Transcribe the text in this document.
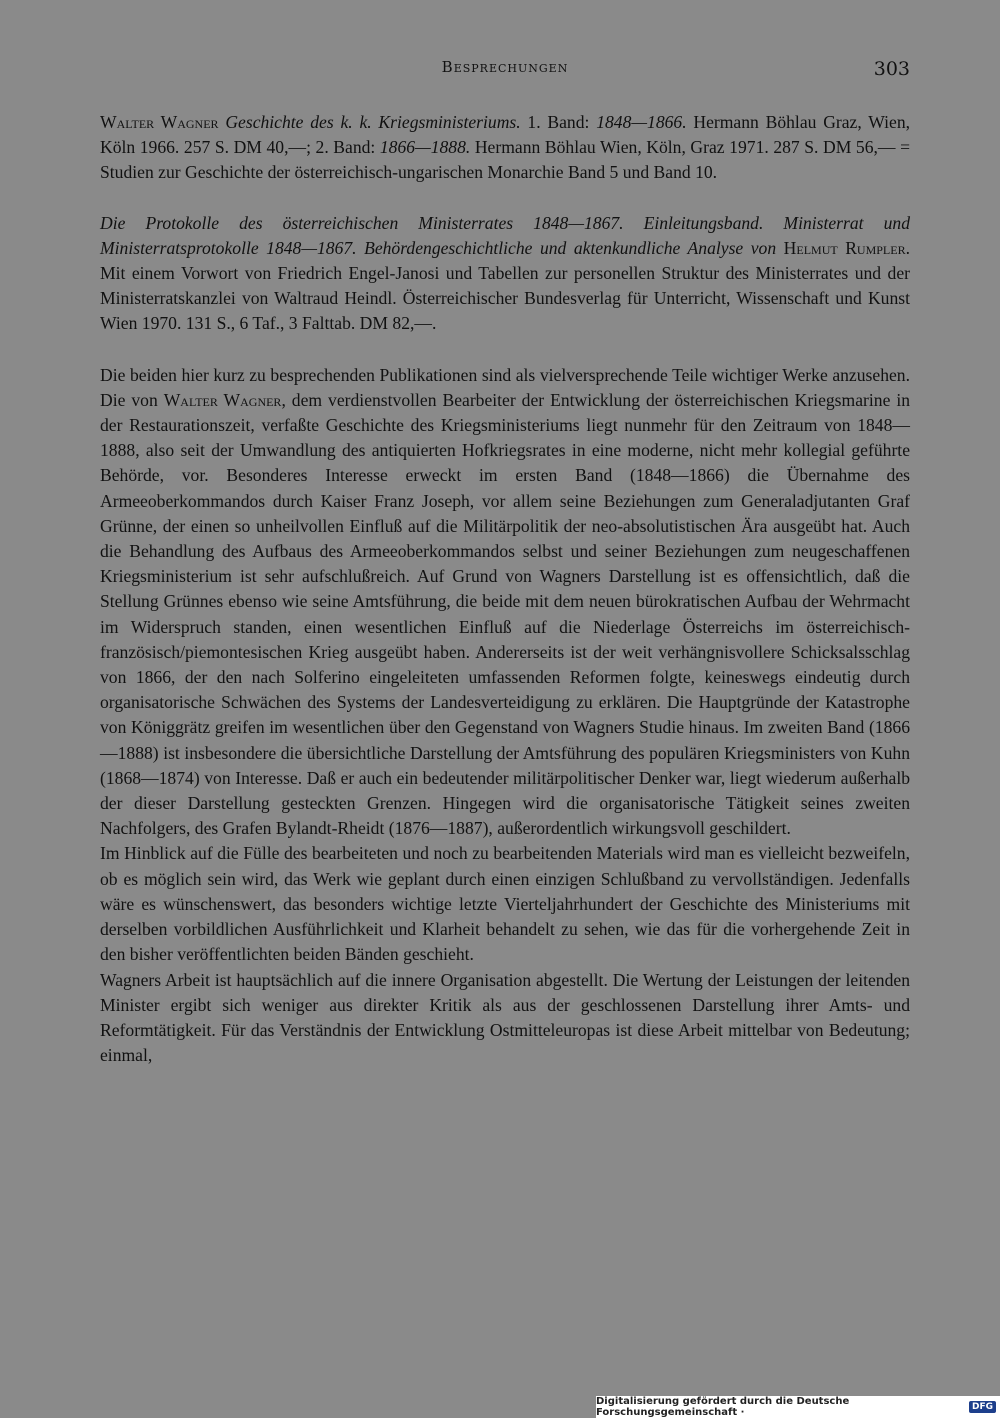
Besprechungen	303

Walter Wagner Geschichte des k. k. Kriegsministeriums. 1. Band: 1848—1866. Hermann Böhlau Graz, Wien, Köln 1966. 257 S. DM 40,—; 2. Band: 1866—1888. Hermann Böhlau Wien, Köln, Graz 1971. 287 S. DM 56,— = Studien zur Geschichte der österreichisch-ungarischen Monarchie Band 5 und Band 10.

Die Protokolle des österreichischen Ministerrates 1848—1867. Einleitungsband. Ministerrat und Ministerratsprotokolle 1848—1867. Behördengeschichtliche und aktenkundliche Analyse von Helmut Rumpler. Mit einem Vorwort von Friedrich Engel-Janosi und Tabellen zur personellen Struktur des Ministerrates und der Ministerratskanzlei von Waltraud Heindl. Österreichischer Bundesverlag für Unterricht, Wissenschaft und Kunst Wien 1970. 131 S., 6 Taf., 3 Falttab. DM 82,—.

Die beiden hier kurz zu besprechenden Publikationen sind als vielversprechende Teile wichtiger Werke anzusehen. Die von Walter Wagner, dem verdienstvollen Bearbeiter der Entwicklung der österreichischen Kriegsmarine in der Restaurationszeit, verfaßte Geschichte des Kriegsministeriums liegt nunmehr für den Zeitraum von 1848—1888, also seit der Umwandlung des antiquierten Hofkriegsrates in eine moderne, nicht mehr kollegial geführte Behörde, vor. Besonderes Interesse erweckt im ersten Band (1848—1866) die Übernahme des Armeeoberkommandos durch Kaiser Franz Joseph, vor allem seine Beziehungen zum Generaladjutanten Graf Grünne, der einen so unheilvollen Einfluß auf die Militärpolitik der neo-absolutistischen Ära ausgeübt hat. Auch die Behandlung des Aufbaus des Armeeoberkommandos selbst und seiner Beziehungen zum neugeschaffenen Kriegsministerium ist sehr aufschlußreich. Auf Grund von Wagners Darstellung ist es offensichtlich, daß die Stellung Grünnes ebenso wie seine Amtsführung, die beide mit dem neuen bürokratischen Aufbau der Wehrmacht im Widerspruch standen, einen wesentlichen Einfluß auf die Niederlage Österreichs im österreichisch-französisch/piemontesischen Krieg ausgeübt haben. Andererseits ist der weit verhängnisvollere Schicksalsschlag von 1866, der den nach Solferino eingeleiteten umfassenden Reformen folgte, keineswegs eindeutig durch organisatorische Schwächen des Systems der Landesverteidigung zu erklären. Die Hauptgründe der Katastrophe von Königgrätz greifen im wesentlichen über den Gegenstand von Wagners Studie hinaus. Im zweiten Band (1866—1888) ist insbesondere die übersichtliche Darstellung der Amtsführung des populären Kriegsministers von Kuhn (1868—1874) von Interesse. Daß er auch ein bedeutender militärpolitischer Denker war, liegt wiederum außerhalb der dieser Darstellung gesteckten Grenzen. Hingegen wird die organisatorische Tätigkeit seines zweiten Nachfolgers, des Grafen Bylandt-Rheidt (1876—1887), außerordentlich wirkungsvoll geschildert.

Im Hinblick auf die Fülle des bearbeiteten und noch zu bearbeitenden Materials wird man es vielleicht bezweifeln, ob es möglich sein wird, das Werk wie geplant durch einen einzigen Schlußband zu vervollständigen. Jedenfalls wäre es wünschenswert, das besonders wichtige letzte Vierteljahrhundert der Geschichte des Ministeriums mit derselben vorbildlichen Ausführlichkeit und Klarheit behandelt zu sehen, wie das für die vorhergehende Zeit in den bisher veröffentlichten beiden Bänden geschieht.

Wagners Arbeit ist hauptsächlich auf die innere Organisation abgestellt. Die Wertung der Leistungen der leitenden Minister ergibt sich weniger aus direkter Kritik als aus der geschlossenen Darstellung ihrer Amts- und Reformtätigkeit. Für das Verständnis der Entwicklung Ostmitteleuropas ist diese Arbeit mittelbar von Bedeutung; einmal,

Digitalisierung gefördert durch die Deutsche Forschungsgemeinschaft ·	DFG
